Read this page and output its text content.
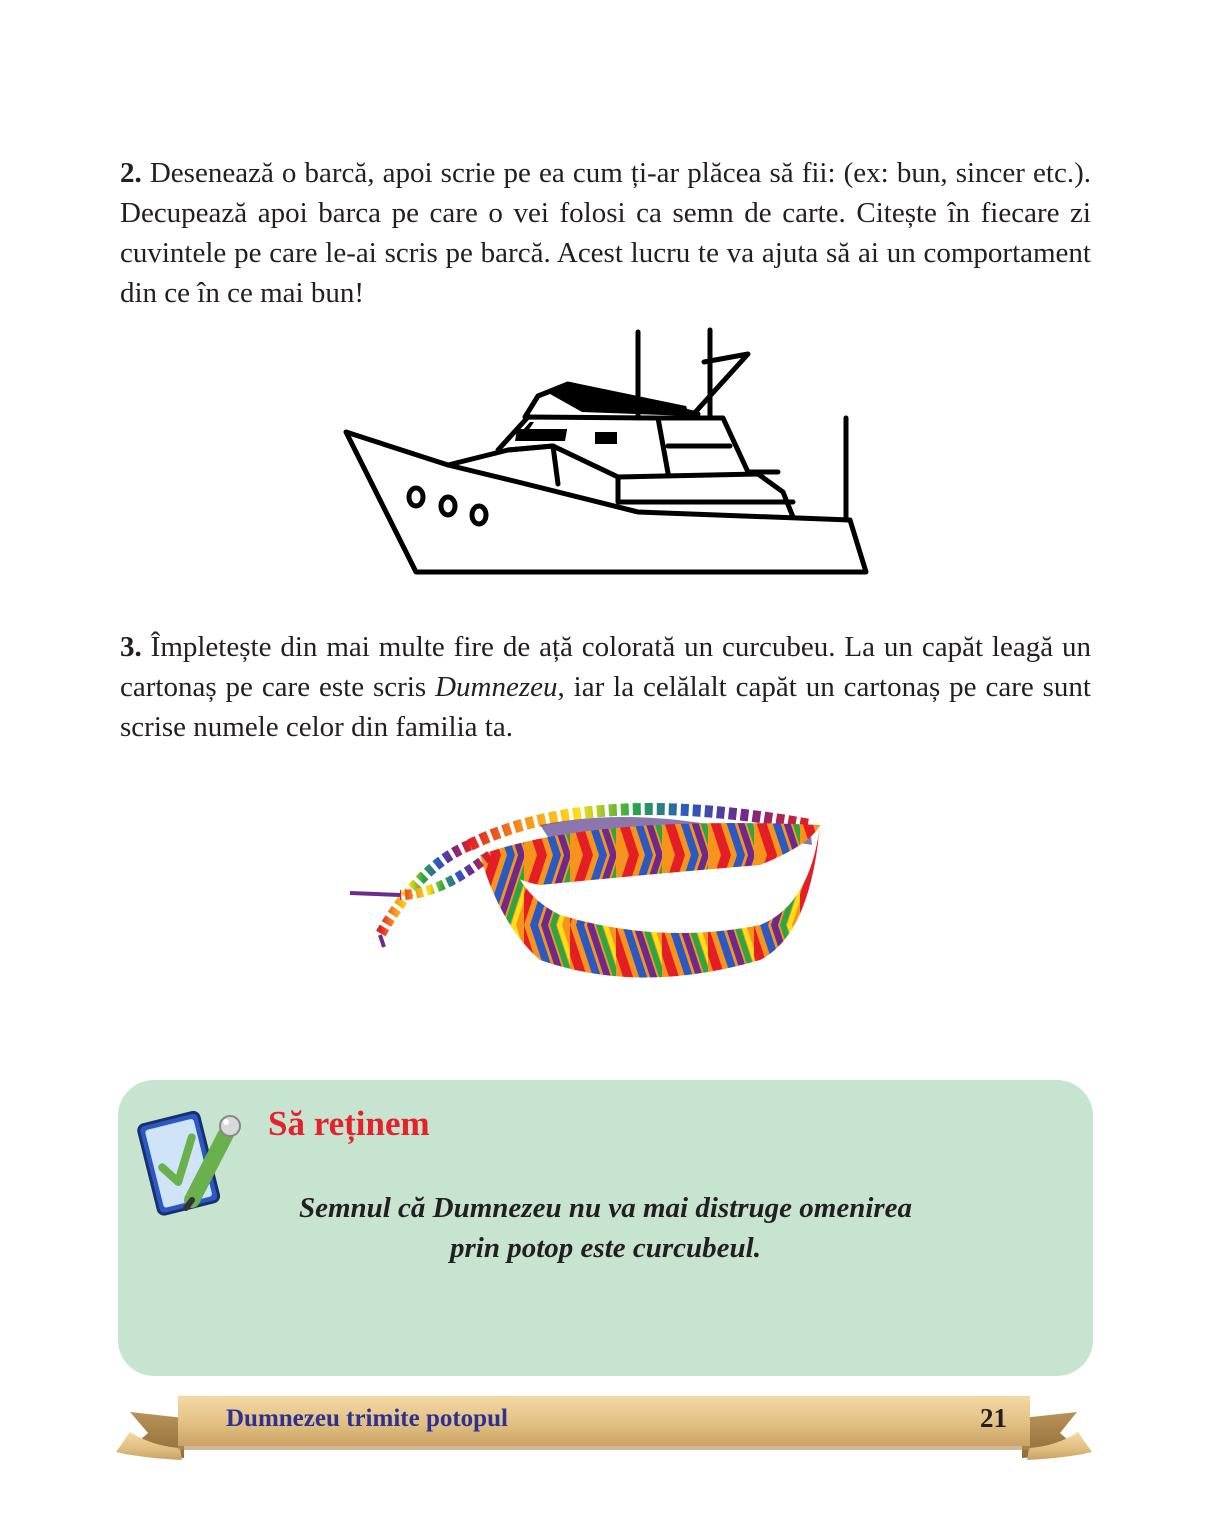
2. Desenează o barcă, apoi scrie pe ea cum ți-ar plăcea să fii: (ex: bun, sincer etc.). Decupează apoi barca pe care o vei folosi ca semn de carte. Citește în fiecare zi cuvintele pe care le-ai scris pe barcă. Acest lucru te va ajuta să ai un comportament din ce în ce mai bun!

3. Împletește din mai multe fire de ață colorată un curcubeu. La un capăt leagă un cartonaș pe care este scris Dumnezeu, iar la celălalt capăt un cartonaș pe care sunt scrise numele celor din familia ta.

Să reținem
Semnul că Dumnezeu nu va mai distruge omenirea
prin potop este curcubeul.
Dumnezeu trimite potopul	21
